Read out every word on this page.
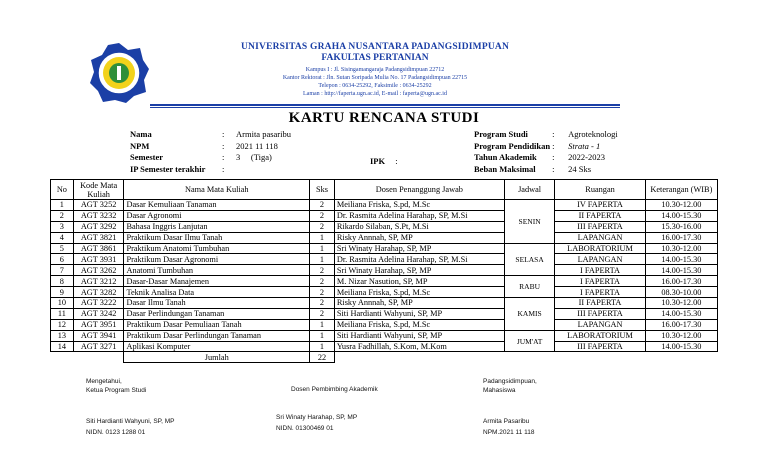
UNIVERSITAS GRAHA NUSANTARA PADANGSIDIMPUAN
FAKULTAS PERTANIAN
Kampus I : Jl. Sisingamangaraja Padangsidimpuan 22712
Kantor Rektorat : Jln. Sutan Soripada Mulia No. 17 Padangsidimpuan 22715
Telepon : 0634-25292, Faksimile : 0634-25292
Laman : http://faperta.ugn.ac.id, E-mail : faperta@ugn.ac.id
KARTU RENCANA STUDI
Nama	:	Armita pasaribu
NPM	:	2021 11 118
Semester	:	3     (Tiga)
IP Semester terakhir	:	
IPK :
Program Studi	:	Agroteknologi
Program Pendidikan	:	Strata - 1
Tahun Akademik	:	2022-2023
Beban Maksimal	:	24 Sks
No	Kode Mata Kuliah	Nama Mata Kuliah	Sks	Dosen Penanggung Jawab	Jadwal	Ruangan	Keterangan (WIB)
1	AGT 3252	Dasar Kemuliaan Tanaman	2	Meiliana Friska, S.pd, M.Sc	SENIN	IV FAPERTA	10.30-12.00
2	AGT 3232	Dasar Agronomi	2	Dr. Rasmita Adelina Harahap, SP, M.Si		II FAPERTA	14.00-15.30
3	AGT 3292	Bahasa Inggris Lanjutan	2	Rikardo Silaban, S.Pt, M.Si		III FAPERTA	15.30-16.00
4	AGT 3821	Praktikum Dasar Ilmu Tanah	1	Risky Annnah, SP, MP		LAPANGAN	16.00-17.30
5	AGT 3861	Praktikum Anatomi Tumbuhan	1	Sri Winaty Harahap, SP, MP	SELASA	LABORATORIUM	10.30-12.00
6	AGT 3931	Praktikum Dasar Agronomi	1	Dr. Rasmita Adelina Harahap, SP, M.Si		LAPANGAN	14.00-15.30
7	AGT 3262	Anatomi Tumbuhan	2	Sri Winaty Harahap, SP, MP		I FAPERTA	14.00-15.30
8	AGT 3212	Dasar-Dasar Manajemen	2	M. Nizar Nasution, SP, MP	RABU	I FAPERTA	16.00-17.30
9	AGT 3282	Teknik Analisa Data	2	Meiliana Friska, S.pd, M.Sc		I FAPERTA	08.30-10.00
10	AGT 3222	Dasar Ilmu Tanah	2	Risky Annnah, SP, MP	KAMIS	II FAPERTA	10.30-12.00
11	AGT 3242	Dasar Perlindungan Tanaman	2	Siti Hardianti Wahyuni, SP, MP		III FAPERTA	14.00-15.30
12	AGT 3951	Praktikum Dasar Pemuliaan Tanah	1	Meiliana Friska, S.pd, M.Sc		LAPANGAN	16.00-17.30
13	AGT 3941	Praktikum Dasar Perlindungan Tanaman	1	Siti Hardianti Wahyuni, SP, MP	JUM'AT	LABORATORIUM	10.30-12.00
14	AGT 3271	Aplikasi Komputer	1	Yusra Fadhillah, S.Kom, M.Kom		III FAPERTA	14.00-15.30
		Jumlah	22				
Mengetahui,
Ketua Program Studi
Siti Hardianti Wahyuni, SP, MP
NIDN. 0123 1288 01
Dosen Pembimbing Akademik
Sri Winaty Harahap, SP, MP
NIDN. 01300469 01
Padangsidimpuan,
Mahasiswa
Armita Pasaribu
NPM.2021 11 118
